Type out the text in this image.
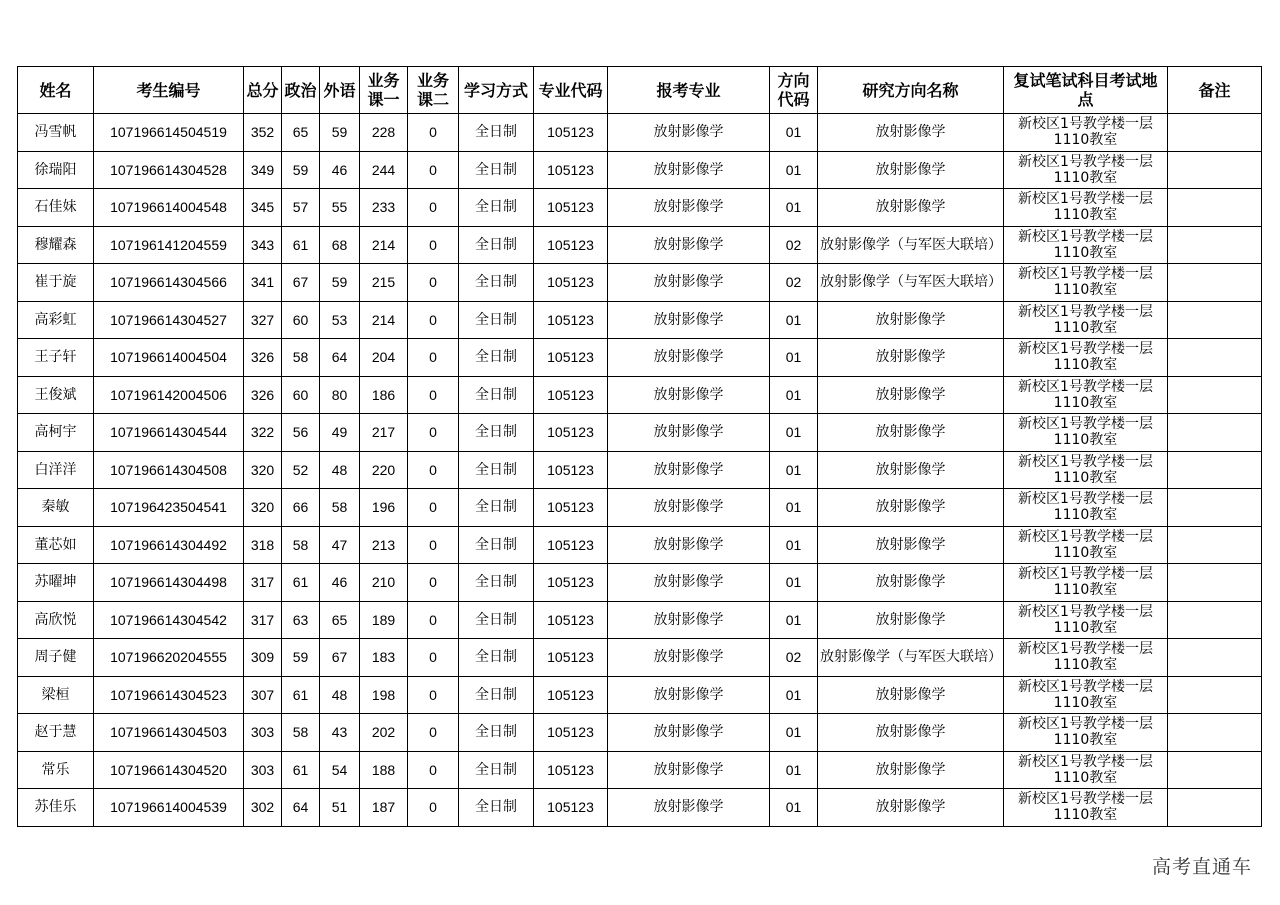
姓名	考生编号	总分	政治	外语	业务课一	业务课二	学习方式	专业代码	报考专业	方向代码	研究方向名称	复试笔试科目考试地点	备注
冯雪帆	107196614504519	352	65	59	228	0	全日制	105123	放射影像学	01	放射影像学	新校区1号教学楼一层1110教室	
徐瑞阳	107196614304528	349	59	46	244	0	全日制	105123	放射影像学	01	放射影像学	新校区1号教学楼一层1110教室	
石佳妹	107196614004548	345	57	55	233	0	全日制	105123	放射影像学	01	放射影像学	新校区1号教学楼一层1110教室	
穆耀森	107196141204559	343	61	68	214	0	全日制	105123	放射影像学	02	放射影像学（与军医大联培）	新校区1号教学楼一层1110教室	
崔于旋	107196614304566	341	67	59	215	0	全日制	105123	放射影像学	02	放射影像学（与军医大联培）	新校区1号教学楼一层1110教室	
高彩虹	107196614304527	327	60	53	214	0	全日制	105123	放射影像学	01	放射影像学	新校区1号教学楼一层1110教室	
王子轩	107196614004504	326	58	64	204	0	全日制	105123	放射影像学	01	放射影像学	新校区1号教学楼一层1110教室	
王俊斌	107196142004506	326	60	80	186	0	全日制	105123	放射影像学	01	放射影像学	新校区1号教学楼一层1110教室	
高柯宇	107196614304544	322	56	49	217	0	全日制	105123	放射影像学	01	放射影像学	新校区1号教学楼一层1110教室	
白洋洋	107196614304508	320	52	48	220	0	全日制	105123	放射影像学	01	放射影像学	新校区1号教学楼一层1110教室	
秦敏	107196423504541	320	66	58	196	0	全日制	105123	放射影像学	01	放射影像学	新校区1号教学楼一层1110教室	
董芯如	107196614304492	318	58	47	213	0	全日制	105123	放射影像学	01	放射影像学	新校区1号教学楼一层1110教室	
苏曜坤	107196614304498	317	61	46	210	0	全日制	105123	放射影像学	01	放射影像学	新校区1号教学楼一层1110教室	
高欣悦	107196614304542	317	63	65	189	0	全日制	105123	放射影像学	01	放射影像学	新校区1号教学楼一层1110教室	
周子健	107196620204555	309	59	67	183	0	全日制	105123	放射影像学	02	放射影像学（与军医大联培）	新校区1号教学楼一层1110教室	
梁桓	107196614304523	307	61	48	198	0	全日制	105123	放射影像学	01	放射影像学	新校区1号教学楼一层1110教室	
赵于慧	107196614304503	303	58	43	202	0	全日制	105123	放射影像学	01	放射影像学	新校区1号教学楼一层1110教室	
常乐	107196614304520	303	61	54	188	0	全日制	105123	放射影像学	01	放射影像学	新校区1号教学楼一层1110教室	
苏佳乐	107196614004539	302	64	51	187	0	全日制	105123	放射影像学	01	放射影像学	新校区1号教学楼一层1110教室	
高考直通车
